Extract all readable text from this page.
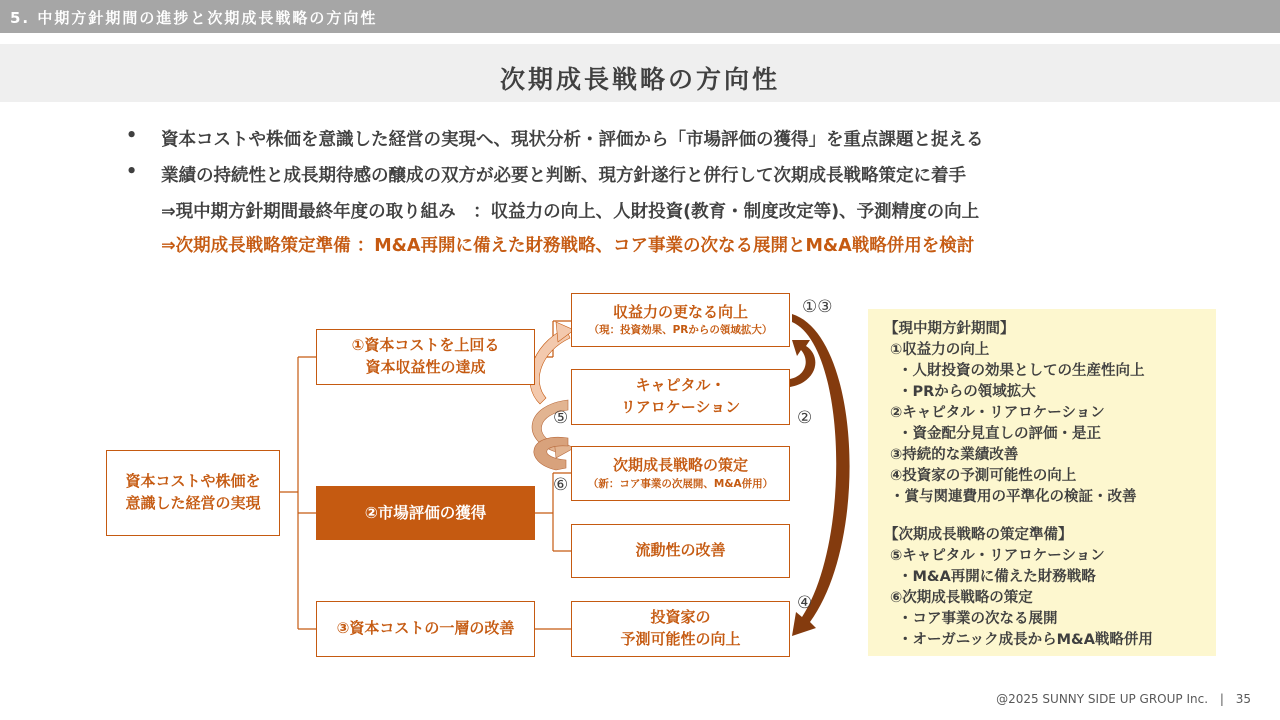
5. 中期方針期間の進捗と次期成長戦略の方向性
次期成長戦略の方向性
• 資本コストや株価を意識した経営の実現へ、現状分析・評価から「市場評価の獲得」を重点課題と捉える
• 業績の持続性と成長期待感の醸成の双方が必要と判断、現方針遂行と併行して次期成長戦略策定に着手
⇒現中期方針期間最終年度の取り組み　：収益力の向上、人財投資(教育・制度改定等)、予測精度の向上
⇒次期成長戦略策定準備 ：M&A再開に備えた財務戦略、コア事業の次なる展開とM&A戦略併用を検討
資本コストや株価を
意識した経営の実現
①資本コストを上回る
資本収益性の達成
②市場評価の獲得
③資本コストの一層の改善
収益力の更なる向上
（現：投資効果、PRからの領域拡大）
キャピタル・
リアロケーション
次期成長戦略の策定
（新：コア事業の次展開、M&A併用）
流動性の改善
投資家の
予測可能性の向上
①③
②
⑤
⑥
④
【現中期方針期間】
①収益力の向上
・人財投資の効果としての生産性向上
・PRからの領域拡大
②キャピタル・リアロケーション
・資金配分見直しの評価・是正
③持続的な業績改善
④投資家の予測可能性の向上
・賞与関連費用の平準化の検証・改善
【次期成長戦略の策定準備】
⑤キャピタル・リアロケーション
・M&A再開に備えた財務戦略
⑥次期成長戦略の策定
・コア事業の次なる展開
・オーガニック成長からM&A戦略併用
@2025 SUNNY SIDE UP GROUP Inc. | 35
